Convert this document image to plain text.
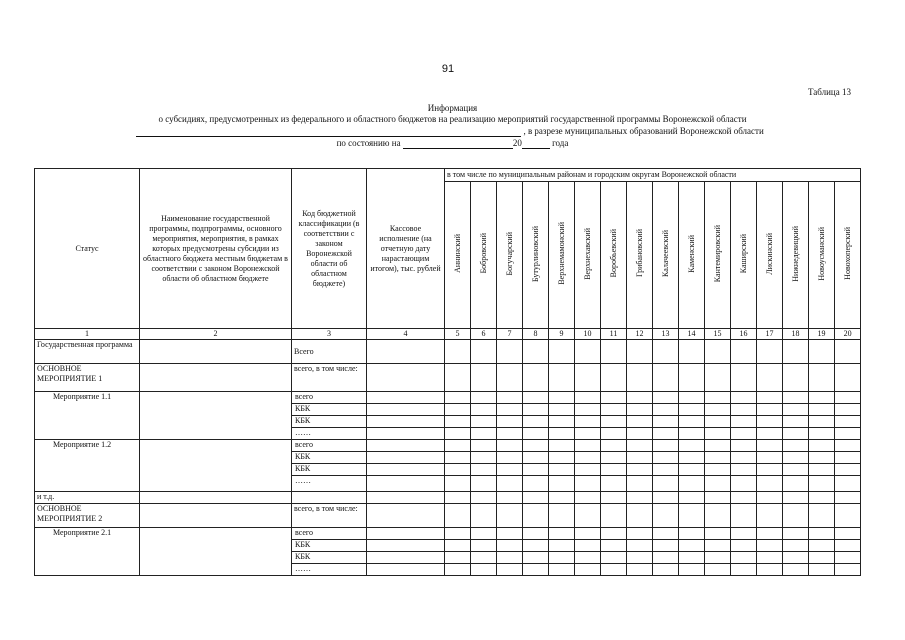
91
Таблица 13
Информация
о субсидиях, предусмотренных из федерального и областного бюджетов на реализацию мероприятий государственной программы Воронежской области
, в разрезе муниципальных образований Воронежской области
по состоянию на	20	года
Статус	Наименование государственной программы, подпрограммы, основного мероприятия, мероприятия, в рамках которых предусмотрены субсидии из областного бюджета местным бюджетам в соответствии с законом Воронежской области об областном бюджете	Код бюджетной классификации (в соответствии с законом Воронежской области об областном бюджете)	Кассовое исполнение (на отчетную дату нарастающим итогом), тыс. рублей	в том числе по муниципальным районам и городским округам Воронежской области															
				Аннинский	Бобровский	Богучарский	Бутурлиновский	Верхнемамонский	Верхнехавский	Воробьевский	Грибановский	Калачеевский	Каменский	Кантемировский	Каширский	Лискинский	Нижнедевицкий	Новоусманский	Новохоперский
1	2	3	4	5	6	7	8	9	10	11	12	13	14	15	16	17	18	19	20
Государственная программа		Всего																	
ОСНОВНОЕ МЕРОПРИЯТИЕ 1		всего, в том числе:																	
Мероприятие 1.1		всего																	
		КБК																	
		КБК																	
		……																	
Мероприятие 1.2		всего																	
		КБК																	
		КБК																	
		……																	
и т.д.																			
ОСНОВНОЕ МЕРОПРИЯТИЕ 2		всего, в том числе:																	
Мероприятие 2.1		всего																	
		КБК																	
		КБК																	
		……																	
